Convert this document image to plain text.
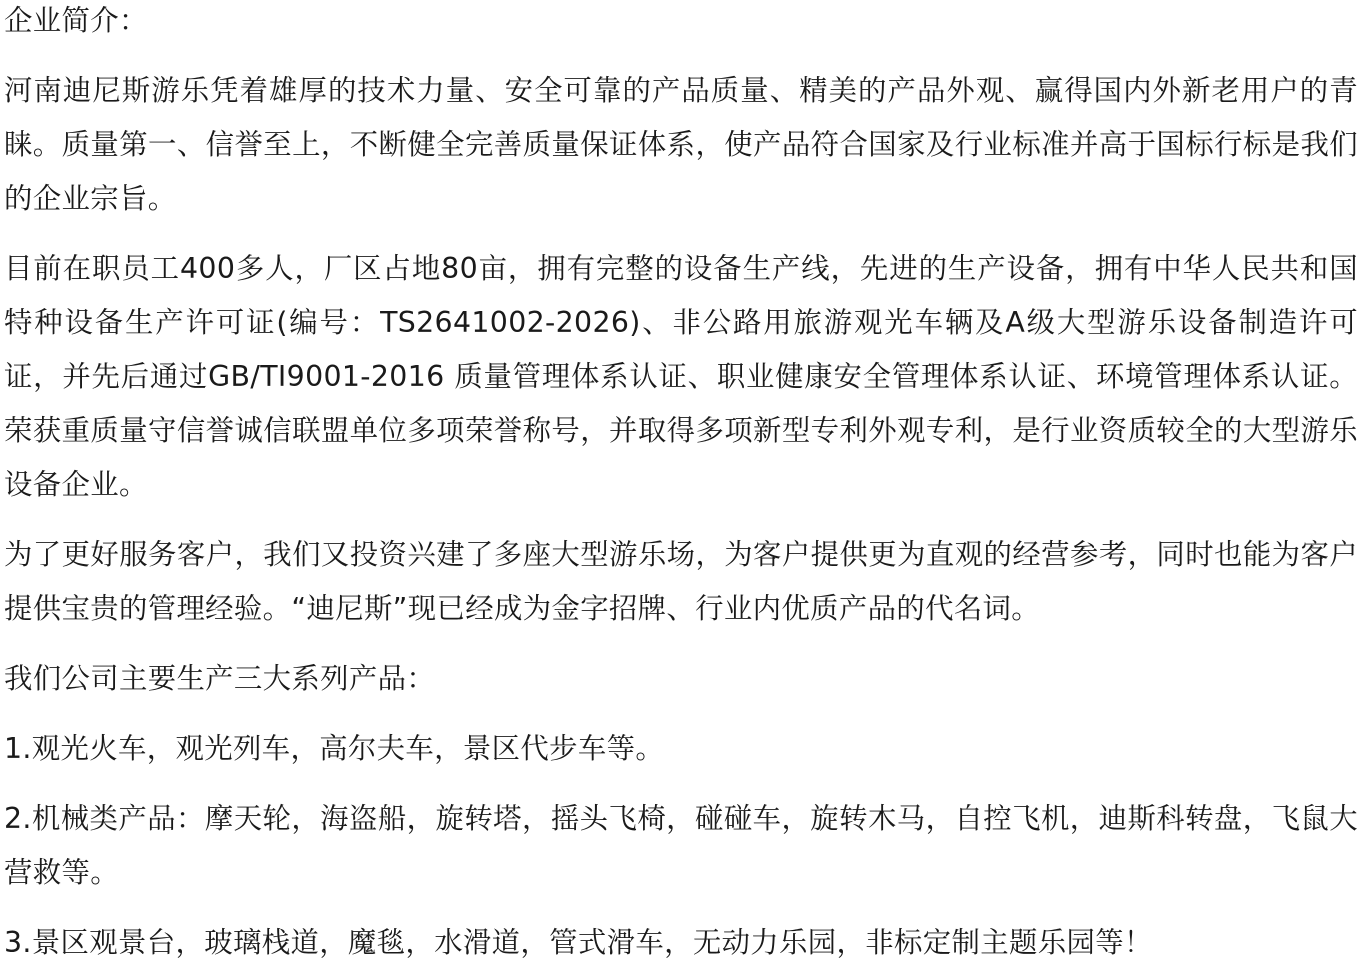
企业简介：

河南迪尼斯游乐凭着雄厚的技术力量、安全可靠的产品质量、精美的产品外观、赢得国内外新老用户的青睐。质量第一、信誉至上，不断健全完善质量保证体系，使产品符合国家及行业标准并高于国标行标是我们的企业宗旨。

目前在职员工400多人，厂区占地80亩，拥有完整的设备生产线，先进的生产设备，拥有中华人民共和国特种设备生产许可证(编号：TS2641002-2026)、非公路用旅游观光车辆及A级大型游乐设备制造许可证，并先后通过GB/TI9001-2016 质量管理体系认证、职业健康安全管理体系认证、环境管理体系认证。荣获重质量守信誉诚信联盟单位多项荣誉称号，并取得多项新型专利外观专利，是行业资质较全的大型游乐设备企业。

为了更好服务客户，我们又投资兴建了多座大型游乐场，为客户提供更为直观的经营参考，同时也能为客户提供宝贵的管理经验。“迪尼斯”现已经成为金字招牌、行业内优质产品的代名词。

我们公司主要生产三大系列产品：

1.观光火车，观光列车，高尔夫车，景区代步车等。

2.机械类产品：摩天轮，海盗船，旋转塔，摇头飞椅，碰碰车，旋转木马，自控飞机，迪斯科转盘，飞鼠大营救等。

3.景区观景台，玻璃栈道，魔毯，水滑道，管式滑车，无动力乐园，非标定制主题乐园等！
